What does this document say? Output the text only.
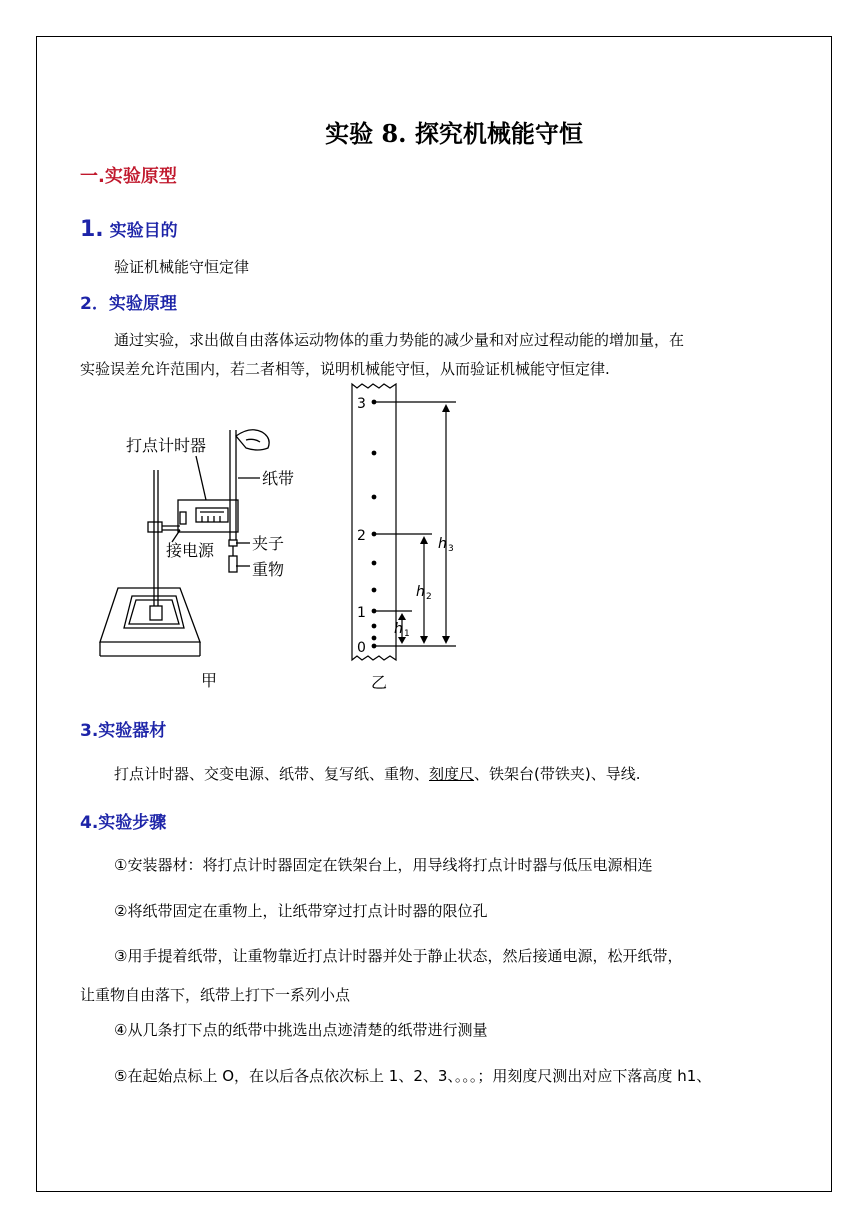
实验 8. 探究机械能守恒
一.实验原型
1. 实验目的
验证机械能守恒定律
2．实验原理
通过实验，求出做自由落体运动物体的重力势能的减少量和对应过程动能的增加量，在
实验误差允许范围内，若二者相等，说明机械能守恒，从而验证机械能守恒定律.
打点计时器
纸带
夹子
接电源
重物
甲
3
2
1
0
h 3
h 2
h 1
乙
3.实验器材
打点计时器、交变电源、纸带、复写纸、重物、刻度尺、铁架台(带铁夹)、导线.
4.实验步骤
①安装器材：将打点计时器固定在铁架台上，用导线将打点计时器与低压电源相连
②将纸带固定在重物上，让纸带穿过打点计时器的限位孔
③用手提着纸带，让重物靠近打点计时器并处于静止状态，然后接通电源，松开纸带，
让重物自由落下，纸带上打下一系列小点
④从几条打下点的纸带中挑选出点迹清楚的纸带进行测量
⑤在起始点标上 O，在以后各点依次标上 1、2、3、。。。；用刻度尺测出对应下落高度 h1、
